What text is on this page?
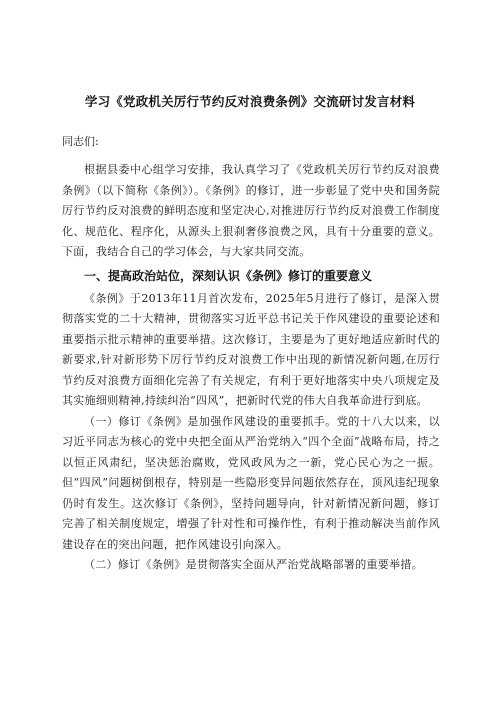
学习《党政机关厉行节约反对浪费条例》交流研讨发言材料

同志们:

根据县委中心组学习安排，我认真学习了《党政机关厉行节约反对浪费条例》（以下简称《条例》）。《条例》的修订，进一步彰显了党中央和国务院厉行节约反对浪费的鲜明态度和坚定决心,对推进厉行节约反对浪费工作制度化、规范化、程序化，从源头上狠刹奢侈浪费之风，具有十分重要的意义。下面，我结合自己的学习体会，与大家共同交流。

一、提高政治站位，深刻认识《条例》修订的重要意义

《条例》于2013年11月首次发布，2025年5月进行了修订，是深入贯彻落实党的二十大精神，贯彻落实习近平总书记关于作风建设的重要论述和重要指示批示精神的重要举措。这次修订，主要是为了更好地适应新时代的新要求,针对新形势下厉行节约反对浪费工作中出现的新情况新问题,在厉行节约反对浪费方面细化完善了有关规定，有利于更好地落实中央八项规定及其实施细则精神,持续纠治“四风”，把新时代党的伟大自我革命进行到底。

（一）修订《条例》是加强作风建设的重要抓手。党的十八大以来，以习近平同志为核心的党中央把全面从严治党纳入“四个全面”战略布局，持之以恒正风肃纪，坚决惩治腐败，党风政风为之一新，党心民心为之一振。但“四风”问题树倒根存，特别是一些隐形变异问题依然存在，顶风违纪现象仍时有发生。这次修订《条例》，坚持问题导向，针对新情况新问题，修订完善了相关制度规定，增强了针对性和可操作性，有利于推动解决当前作风建设存在的突出问题，把作风建设引向深入。

（二）修订《条例》是贯彻落实全面从严治党战略部署的重要举措。
